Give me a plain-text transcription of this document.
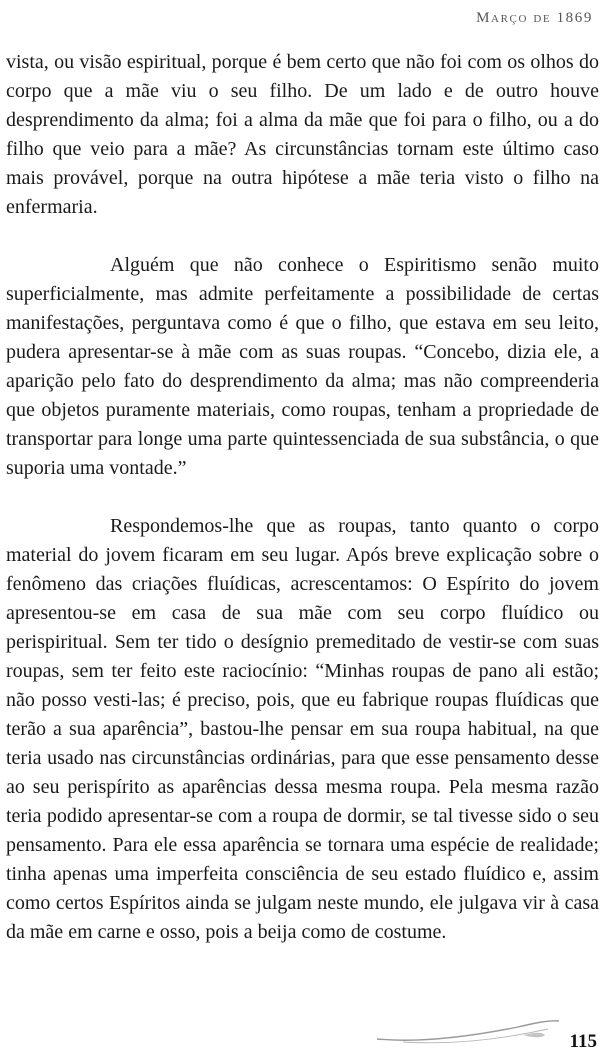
Março de 1869

vista, ou visão espiritual, porque é bem certo que não foi com os olhos do corpo que a mãe viu o seu filho. De um lado e de outro houve desprendimento da alma; foi a alma da mãe que foi para o filho, ou a do filho que veio para a mãe? As circunstâncias tornam este último caso mais provável, porque na outra hipótese a mãe teria visto o filho na enfermaria.

Alguém que não conhece o Espiritismo senão muito superficialmente, mas admite perfeitamente a possibilidade de certas manifestações, perguntava como é que o filho, que estava em seu leito, pudera apresentar-se à mãe com as suas roupas. “Concebo, dizia ele, a aparição pelo fato do desprendimento da alma; mas não compreenderia que objetos puramente materiais, como roupas, tenham a propriedade de transportar para longe uma parte quintessenciada de sua substância, o que suporia uma vontade.”

Respondemos-lhe que as roupas, tanto quanto o corpo material do jovem ficaram em seu lugar. Após breve explicação sobre o fenômeno das criações fluídicas, acrescentamos: O Espírito do jovem apresentou-se em casa de sua mãe com seu corpo fluídico ou perispiritual. Sem ter tido o desígnio premeditado de vestir-se com suas roupas, sem ter feito este raciocínio: “Minhas roupas de pano ali estão; não posso vesti-las; é preciso, pois, que eu fabrique roupas fluídicas que terão a sua aparência”, bastou-lhe pensar em sua roupa habitual, na que teria usado nas circunstâncias ordinárias, para que esse pensamento desse ao seu perispírito as aparências dessa mesma roupa. Pela mesma razão teria podido apresentar-se com a roupa de dormir, se tal tivesse sido o seu pensamento. Para ele essa aparência se tornara uma espécie de realidade; tinha apenas uma imperfeita consciência de seu estado fluídico e, assim como certos Espíritos ainda se julgam neste mundo, ele julgava vir à casa da mãe em carne e osso, pois a beija como de costume.

115
